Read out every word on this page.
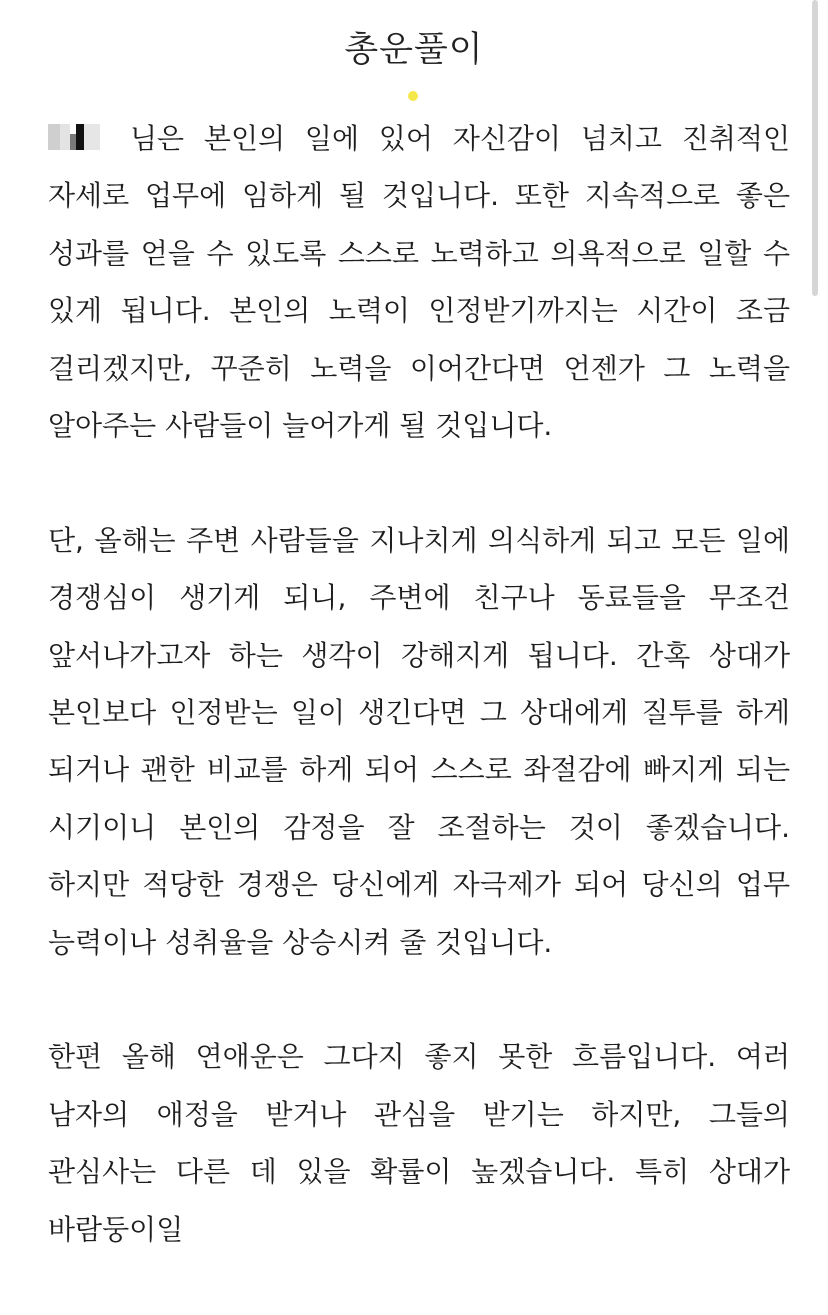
총운풀이

님은 본인의 일에 있어 자신감이 넘치고 진취적인 자세로 업무에 임하게 될 것입니다. 또한 지속적으로 좋은 성과를 얻을 수 있도록 스스로 노력하고 의욕적으로 일할 수 있게 됩니다. 본인의 노력이 인정받기까지는 시간이 조금 걸리겠지만, 꾸준히 노력을 이어간다면 언젠가 그 노력을 알아주는 사람들이 늘어가게 될 것입니다.

단, 올해는 주변 사람들을 지나치게 의식하게 되고 모든 일에 경쟁심이 생기게 되니, 주변에 친구나 동료들을 무조건 앞서나가고자 하는 생각이 강해지게 됩니다. 간혹 상대가 본인보다 인정받는 일이 생긴다면 그 상대에게 질투를 하게 되거나 괜한 비교를 하게 되어 스스로 좌절감에 빠지게 되는 시기이니 본인의 감정을 잘 조절하는 것이 좋겠습니다. 하지만 적당한 경쟁은 당신에게 자극제가 되어 당신의 업무 능력이나 성취율을 상승시켜 줄 것입니다.

한편 올해 연애운은 그다지 좋지 못한 흐름입니다. 여러 남자의 애정을 받거나 관심을 받기는 하지만, 그들의 관심사는 다른 데 있을 확률이 높겠습니다. 특히 상대가 바람둥이일
